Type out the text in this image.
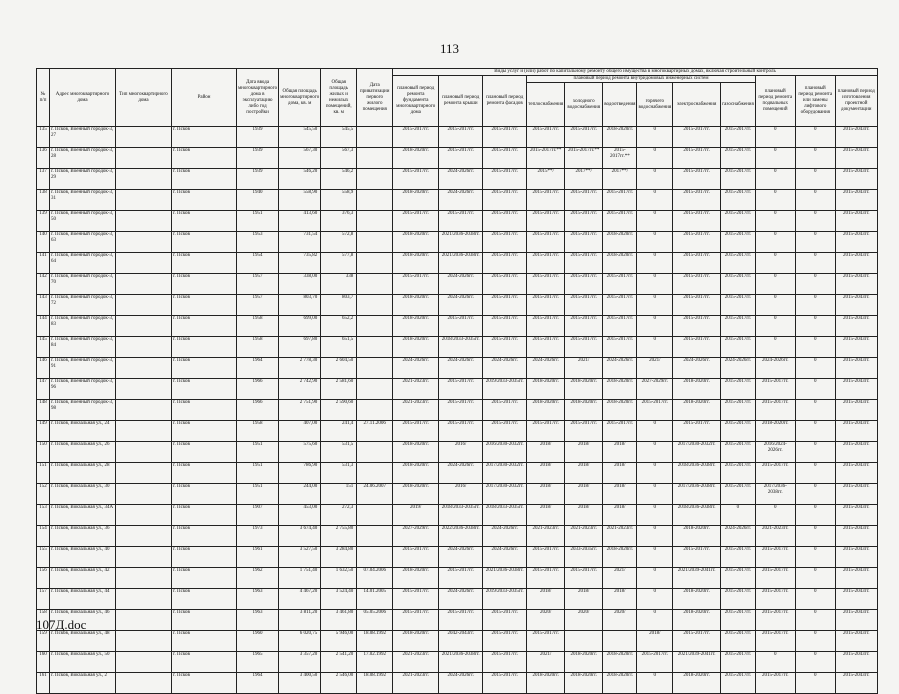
113
№ п/п	Адрес многоквартирного дома	Тип многоквартирного дома	Район	Дата ввода многоквартирного дома в эксплуатацию либо год постройки	Общая площадь многоквартирного дома, кв. м	Общая площадь жилых и нежилых помещений, кв. м	Дата приватизации первого жилого помещения	Виды услуг и (или) работ по капитальному ремонту общего имущества в многоквартирных домах, включая строительный контроль											
								плановый период ремонта фундамента многоквартирного дома	плановый период ремонта крыши	плановый период ремонта фасадов	плановый период ремонта внутридомовых инженерных систем						плановый период ремонта подвальных помещений	плановый период ремонта или замены лифтового оборудования	плановый период изготовления проектной документации
											теплоснабжения	холодного водоснабжения	водоотведения	горячего водоснабжения	электроснабжения	газоснабжения			
135	г. Псков, Военный городок-3, 27		г. Псков	1939	545,50	545,5		2015-2017гг.	2015-2017гг.	2015-2017гг.	2015-2017гг.	2015-2017гг.	2018-2020гг.	0	2015-2017гг.	2015-2017гг.	0	0	2015-2043гг.
136	г. Псков, Военный городок-3, 28		г. Псков	1939	567,30	567,3		2018-2020гг.	2015-2017гг.	2015-2017гг.	2015-2017гг.**	2015-2017гг.**	2015-2017гг.**	0	2015-2017гг.	2015-2017гг.	0	0	2015-2043гг.
137	г. Псков, Военный городок-3, 29		г. Псков	1939	546,20	546,2		2015-2017гг.	2024-2026гг.	2015-2017гг.	2015**/	2017**/	2017**/	0	2015-2017гг.	2015-2017гг.	0	0	2015-2043гг.
138	г. Псков, Военный городок-3, 31		г. Псков	1940	558,90	558,9		2018-2020гг.	2024-2026гг.	2015-2017гг.	2015-2017гг.	2015-2017гг.	2015-2017гг.	0	2015-2017гг.	2015-2017гг.	0	0	2015-2043гг.
139	г. Псков, Военный городок-3, 50		г. Псков	1951	413,60	376,3		2015-2017гг.	2015-2017гг.	2015-2017гг.	2015-2017гг.	2015-2017гг.	2015-2017гг.	0	2015-2017гг.	2015-2017гг.	0	0	2015-2043гг.
140	г. Псков, Военный городок-3, 63		г. Псков	1953	731,54	572,8		2018-2020гг.	2021/2036-2038гг.	2015-2017гг.	2015-2017гг.	2015-2017гг.	2018-2020гг.	0	2015-2017гг.	2015-2017гг.	0	0	2015-2043гг.
141	г. Псков, Военный городок-3, 64		г. Псков	1954	735,82	577,8		2018-2020гг.	2021/2036-2038гг.	2015-2017гг.	2015-2017гг.	2015-2017гг.	2018-2020гг.	0	2015-2017гг.	2015-2017гг.	0	0	2015-2043гг.
142	г. Псков, Военный городок-3, 70		г. Псков	1957	338,00	338		2015-2017гг.	2024-2026гг.	2015-2017гг.	2015-2017гг.	2015-2017гг.	2015-2017гг.	0	2015-2017гг.	2015-2017гг.	0	0	2015-2043гг.
143	г. Псков, Военный городок-3, 72		г. Псков	1957	803,70	803,7		2018-2020гг.	2024-2026гг.	2015-2017гг.	2015-2017гг.	2015-2017гг.	2015-2017гг.	0	2015-2017гг.	2015-2017гг.	0	0	2015-2043гг.
144	г. Псков, Военный городок-3, 83		г. Псков	1958	699,00	652,2		2018-2020гг.	2015-2017гг.	2015-2017гг.	2015-2017гг.	2015-2017гг.	2015-2017гг.	0	2015-2017гг.	2015-2017гг.	0	0	2015-2043гг.
145	г. Псков, Военный городок-3, 84		г. Псков	1958	697,80	651,5		2018-2020гг.	2018/2033-2035гг.	2015-2017гг.	2015-2017гг.	2015-2017гг.	2015-2017гг.	0	2015-2017гг.	2015-2017гг.	0	0	2015-2043гг.
146	г. Псков, Военный городок-3, 91		г. Псков	1964	2 778,30	2 604,50		2024-2026гг.	2024-2026гг.	2024-2026гг.	2024-2026гг.	2021/	2024-2026гг.	2021/	2024-2026гг.	2024-2026гг.	2024-2026гг.	0	2015-2043гг.
147	г. Псков, Военный городок-3, 96		г. Псков	1966	2 742,90	2 581,60		2021-2023гг.	2015-2017гг.	2019/2033-2035гг.	2018-2020гг.	2018-2020гг.	2018-2020гг.	2027-2029гг.	2018-2020гг.	2015-2017гг.	2015-2017гг.	0	2015-2043гг.
148	г. Псков, Военный городок-3, 98		г. Псков	1966	2 751,90	2 590,60		2021-2023гг.	2015-2017гг.	2015-2017гг.	2018-2020гг.	2018-2020гг.	2018-2020гг.	2015-2017гг.	2018-2020гг.	2015-2017гг.	2015-2017гг.	0	2015-2043гг.
149	г. Псков, Вокзальная ул., 24		г. Псков	1958	407,00	241,4	27.11.2006	2015-2017гг.	2015-2017гг.	2015-2017гг.	2015-2017гг.	2015-2017гг.	2015-2017гг.	0	2015-2017гг.	2015-2017гг.	2018-2020гг.	0	2015-2043гг.
150	г. Псков, Вокзальная ул., 26		г. Псков	1951	575,60	531,5		2018-2020гг.	2016/	2016/2030-2032гг.	2018/	2018/	2018/	0	2017/2030-2032гг.	2015-2017гг.	2016/2024-2026гг.	0	2015-2043гг.
151	г. Псков, Вокзальная ул., 28		г. Псков	1951	786,90	531,3		2018-2020гг.	2024-2026гг.	2017/2030-2032гг.	2018/	2018/	2018/	0	2018/2036-2038гг.	2015-2017гг.	2015-2017гг.	0	2015-2043гг.
152	г. Псков, Вокзальная ул., 30		г. Псков	1951	244,00	151	24.06.2007	2018-2020гг.	2016/	2017/2030-2032гг.	2018/	2018/	2018/	0	2017/2036-2038гг.	2015-2017гг.	2017/2036-2038гг.	0	2015-2043гг.
153	г. Псков, Вокзальная ул., 34А		г. Псков	1907	453,00	272,3		2019/	2018/2033-2035гг.	2018/2033-2035гг.	2018/	2018/	2018/	0	2018/2036-2038гг.	0	0	0	2015-2043гг.
154	г. Псков, Вокзальная ул., 36		г. Псков	1973	3 674,40	2 755,80		2027-2029гг.	2022/2036-2038гг.	2024-2026гг.	2021-2023гг.	2021-2023гг.	2021-2023гг.	0	2018-2020гг.	2024-2026гг.	2021-2023гг.	0	2015-2043гг.
155	г. Псков, Вокзальная ул., 40		г. Псков	1961	3 527,50	3 284,80		2015-2017гг.	2024-2026гг.	2024-2026гг.	2015-2017гг.	2033-2035гг.	2018-2020гг.	0	2015-2017гг.	2015-2017гг.	2015-2017гг.	0	2015-2043гг.
156	г. Псков, Вокзальная ул., 42		г. Псков	1962	1 751,40	1 632,50	07.04.2006	2018-2020гг.	2015-2017гг.	2021/2036-2038гг.	2015-2017гг.	2015-2017гг.	2021/	0	2021/2039-2041гг.	2015-2017гг.	2015-2017гг.	0	2015-2043гг.
157	г. Псков, Вокзальная ул., 44		г. Псков	1963	4 467,20	3 524,40	14.01.2005	2015-2017гг.	2024-2026гг.	2019/2033-2035гг.	2018/	2018/	2018/	0	2018-2020гг.	2015-2017гг.	2015-2017гг.	0	2015-2043гг.
158	г. Псков, Вокзальная ул., 46		г. Псков	1963	3 811,20	3 461,80	05.05.2006	2015-2017гг.	2015-2017гг.	2015-2017гг.	2020/	2020/	2020/	0	2018-2020гг.	2015-2017гг.	2015-2017гг.	0	2015-2043гг.
159	г. Псков, Вокзальная ул., 48		г. Псков	1960	6 020,75	5 946,00	18.08.1992	2018-2020гг.	2042-2043гг.	2015-2017гг.	2015-2017гг.			2018/	2015-2017гг.	2015-2017гг.	2015-2017гг.	0	2015-2043гг.
160	г. Псков, Вокзальная ул., 50		г. Псков	1965	3 357,20	2 541,20	17.02.1992	2021-2023гг.	2021/2036-2038гг.	2015-2017гг.	2021/	2018-2020гг.	2018-2020гг.	2015-2017гг.	2021/2039-2041гг.	2015-2017гг.	0	0	2015-2043гг.
161	г. Псков, Вокзальная ул., 2		г. Псков	1964	3 400,50	2 546,00	18.08.1992	2021-2023гг.	2024-2026гг.	2015-2017гг.	2018-2020гг.	2018-2020гг.	2018-2020гг.	0	2018-2020гг.	2015-2017гг.	2015-2017гг.	0	2015-2043гг.
107Д.doc
